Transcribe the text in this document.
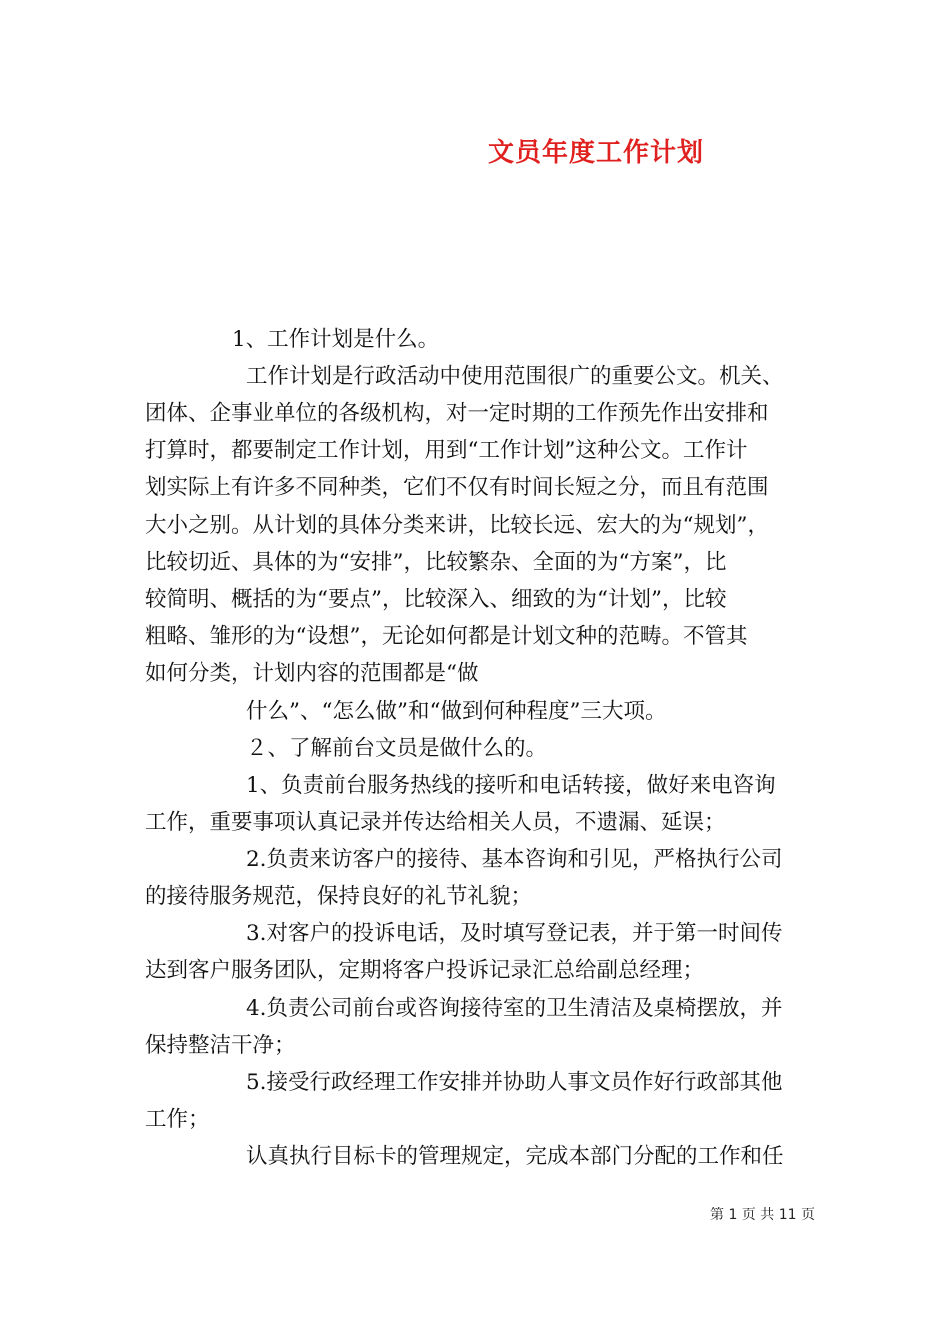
文员年度工作计划
1、工作计划是什么。
工作计划是行政活动中使用范围很广的重要公文。机关、
团体、企事业单位的各级机构，对一定时期的工作预先作出安排和
打算时，都要制定工作计划，用到“工作计划”这种公文。工作计
划实际上有许多不同种类，它们不仅有时间长短之分，而且有范围
大小之别。从计划的具体分类来讲，比较长远、宏大的为“规划”，
比较切近、具体的为“安排”，比较繁杂、全面的为“方案”，比
较简明、概括的为“要点”，比较深入、细致的为“计划”，比较
粗略、雏形的为“设想”，无论如何都是计划文种的范畴。不管其
如何分类，计划内容的范围都是“做
什么”、“怎么做”和“做到何种程度”三大项。
２、了解前台文员是做什么的。
1、负责前台服务热线的接听和电话转接，做好来电咨询
工作，重要事项认真记录并传达给相关人员，不遗漏、延误；
2.负责来访客户的接待、基本咨询和引见，严格执行公司
的接待服务规范，保持良好的礼节礼貌；
3.对客户的投诉电话，及时填写登记表，并于第一时间传
达到客户服务团队，定期将客户投诉记录汇总给副总经理；
4.负责公司前台或咨询接待室的卫生清洁及桌椅摆放，并
保持整洁干净；
5.接受行政经理工作安排并协助人事文员作好行政部其他
工作；
认真执行目标卡的管理规定，完成本部门分配的工作和任
第 1 页 共 11 页
